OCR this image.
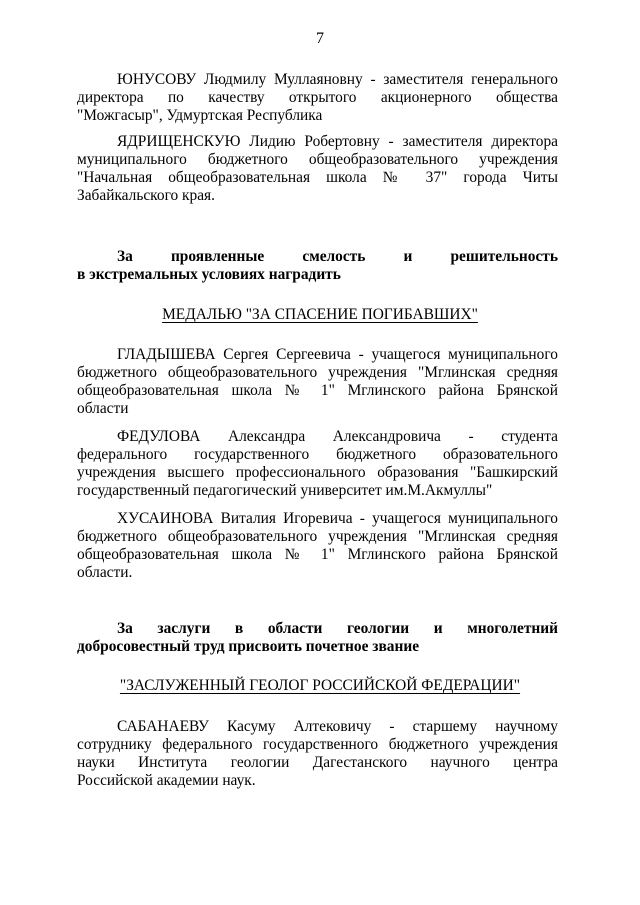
7
ЮНУСОВУ Людмилу Муллаяновну - заместителя генерального
директора по качеству открытого акционерного общества
"Можгасыр", Удмуртская Республика
ЯДРИЩЕНСКУЮ Лидию Робертовну - заместителя директора
муниципального бюджетного общеобразовательного учреждения
"Начальная общеобразовательная школа № 37" города Читы
Забайкальского края.
За проявленные смелость и решительность
в экстремальных условиях наградить
МЕДАЛЬЮ "ЗА СПАСЕНИЕ ПОГИБАВШИХ"
ГЛАДЫШЕВА Сергея Сергеевича - учащегося муниципального
бюджетного общеобразовательного учреждения "Мглинская средняя
общеобразовательная школа № 1" Мглинского района Брянской
области
ФЕДУЛОВА Александра Александровича - студента
федерального государственного бюджетного образовательного
учреждения высшего профессионального образования "Башкирский
государственный педагогический университет им.М.Акмуллы"
ХУСАИНОВА Виталия Игоревича - учащегося муниципального
бюджетного общеобразовательного учреждения "Мглинская средняя
общеобразовательная школа № 1" Мглинского района Брянской
области.
За заслуги в области геологии и многолетний
добросовестный труд присвоить почетное звание
"ЗАСЛУЖЕННЫЙ ГЕОЛОГ РОССИЙСКОЙ ФЕДЕРАЦИИ"
САБАНАЕВУ Касуму Алтековичу - старшему научному
сотруднику федерального государственного бюджетного учреждения
науки Института геологии Дагестанского научного центра
Российской академии наук.
